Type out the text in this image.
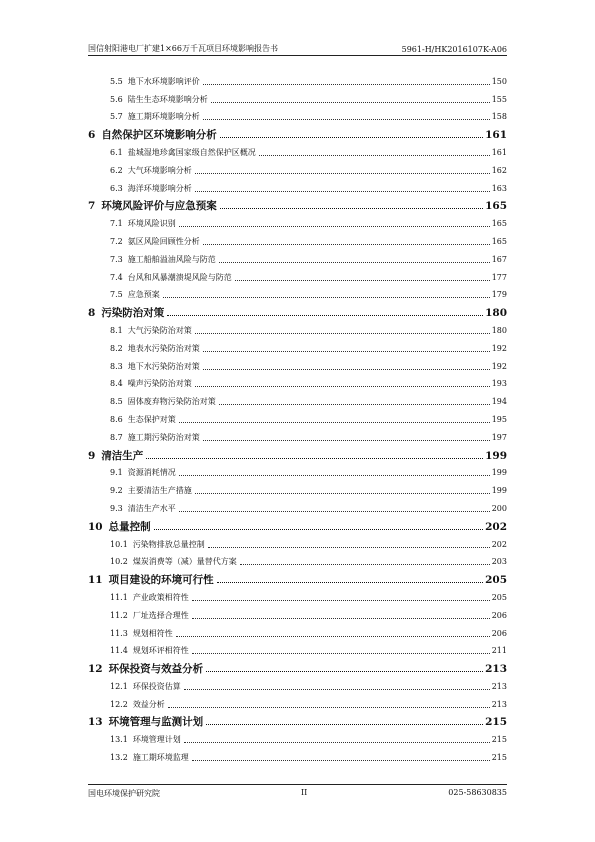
国信射阳港电厂扩建1×66万千瓦项目环境影响报告书	5961-H/HK2016107K-A06
5.5 地下水环境影响评价	150
5.6 陆生生态环境影响分析	155
5.7 施工期环境影响分析	158
6 自然保护区环境影响分析	161
6.1 盐城湿地珍禽国家级自然保护区概况	161
6.2 大气环境影响分析	162
6.3 海洋环境影响分析	163
7 环境风险评价与应急预案	165
7.1 环境风险识别	165
7.2 氨区风险回顾性分析	165
7.3 施工船舶溢油风险与防范	167
7.4 台风和风暴潮溃堤风险与防范	177
7.5 应急预案	179
8 污染防治对策	180
8.1 大气污染防治对策	180
8.2 地表水污染防治对策	192
8.3 地下水污染防治对策	192
8.4 噪声污染防治对策	193
8.5 固体废弃物污染防治对策	194
8.6 生态保护对策	195
8.7 施工期污染防治对策	197
9 清洁生产	199
9.1 资源消耗情况	199
9.2 主要清洁生产措施	199
9.3 清洁生产水平	200
10 总量控制	202
10.1 污染物排放总量控制	202
10.2 煤炭消费等（减）量替代方案	203
11 项目建设的环境可行性	205
11.1 产业政策相符性	205
11.2 厂址选择合理性	206
11.3 规划相符性	206
11.4 规划环评相符性	211
12 环保投资与效益分析	213
12.1 环保投资估算	213
12.2 效益分析	213
13 环境管理与监测计划	215
13.1 环境管理计划	215
13.2 施工期环境监理	215
国电环境保护研究院	II	025-58630835
